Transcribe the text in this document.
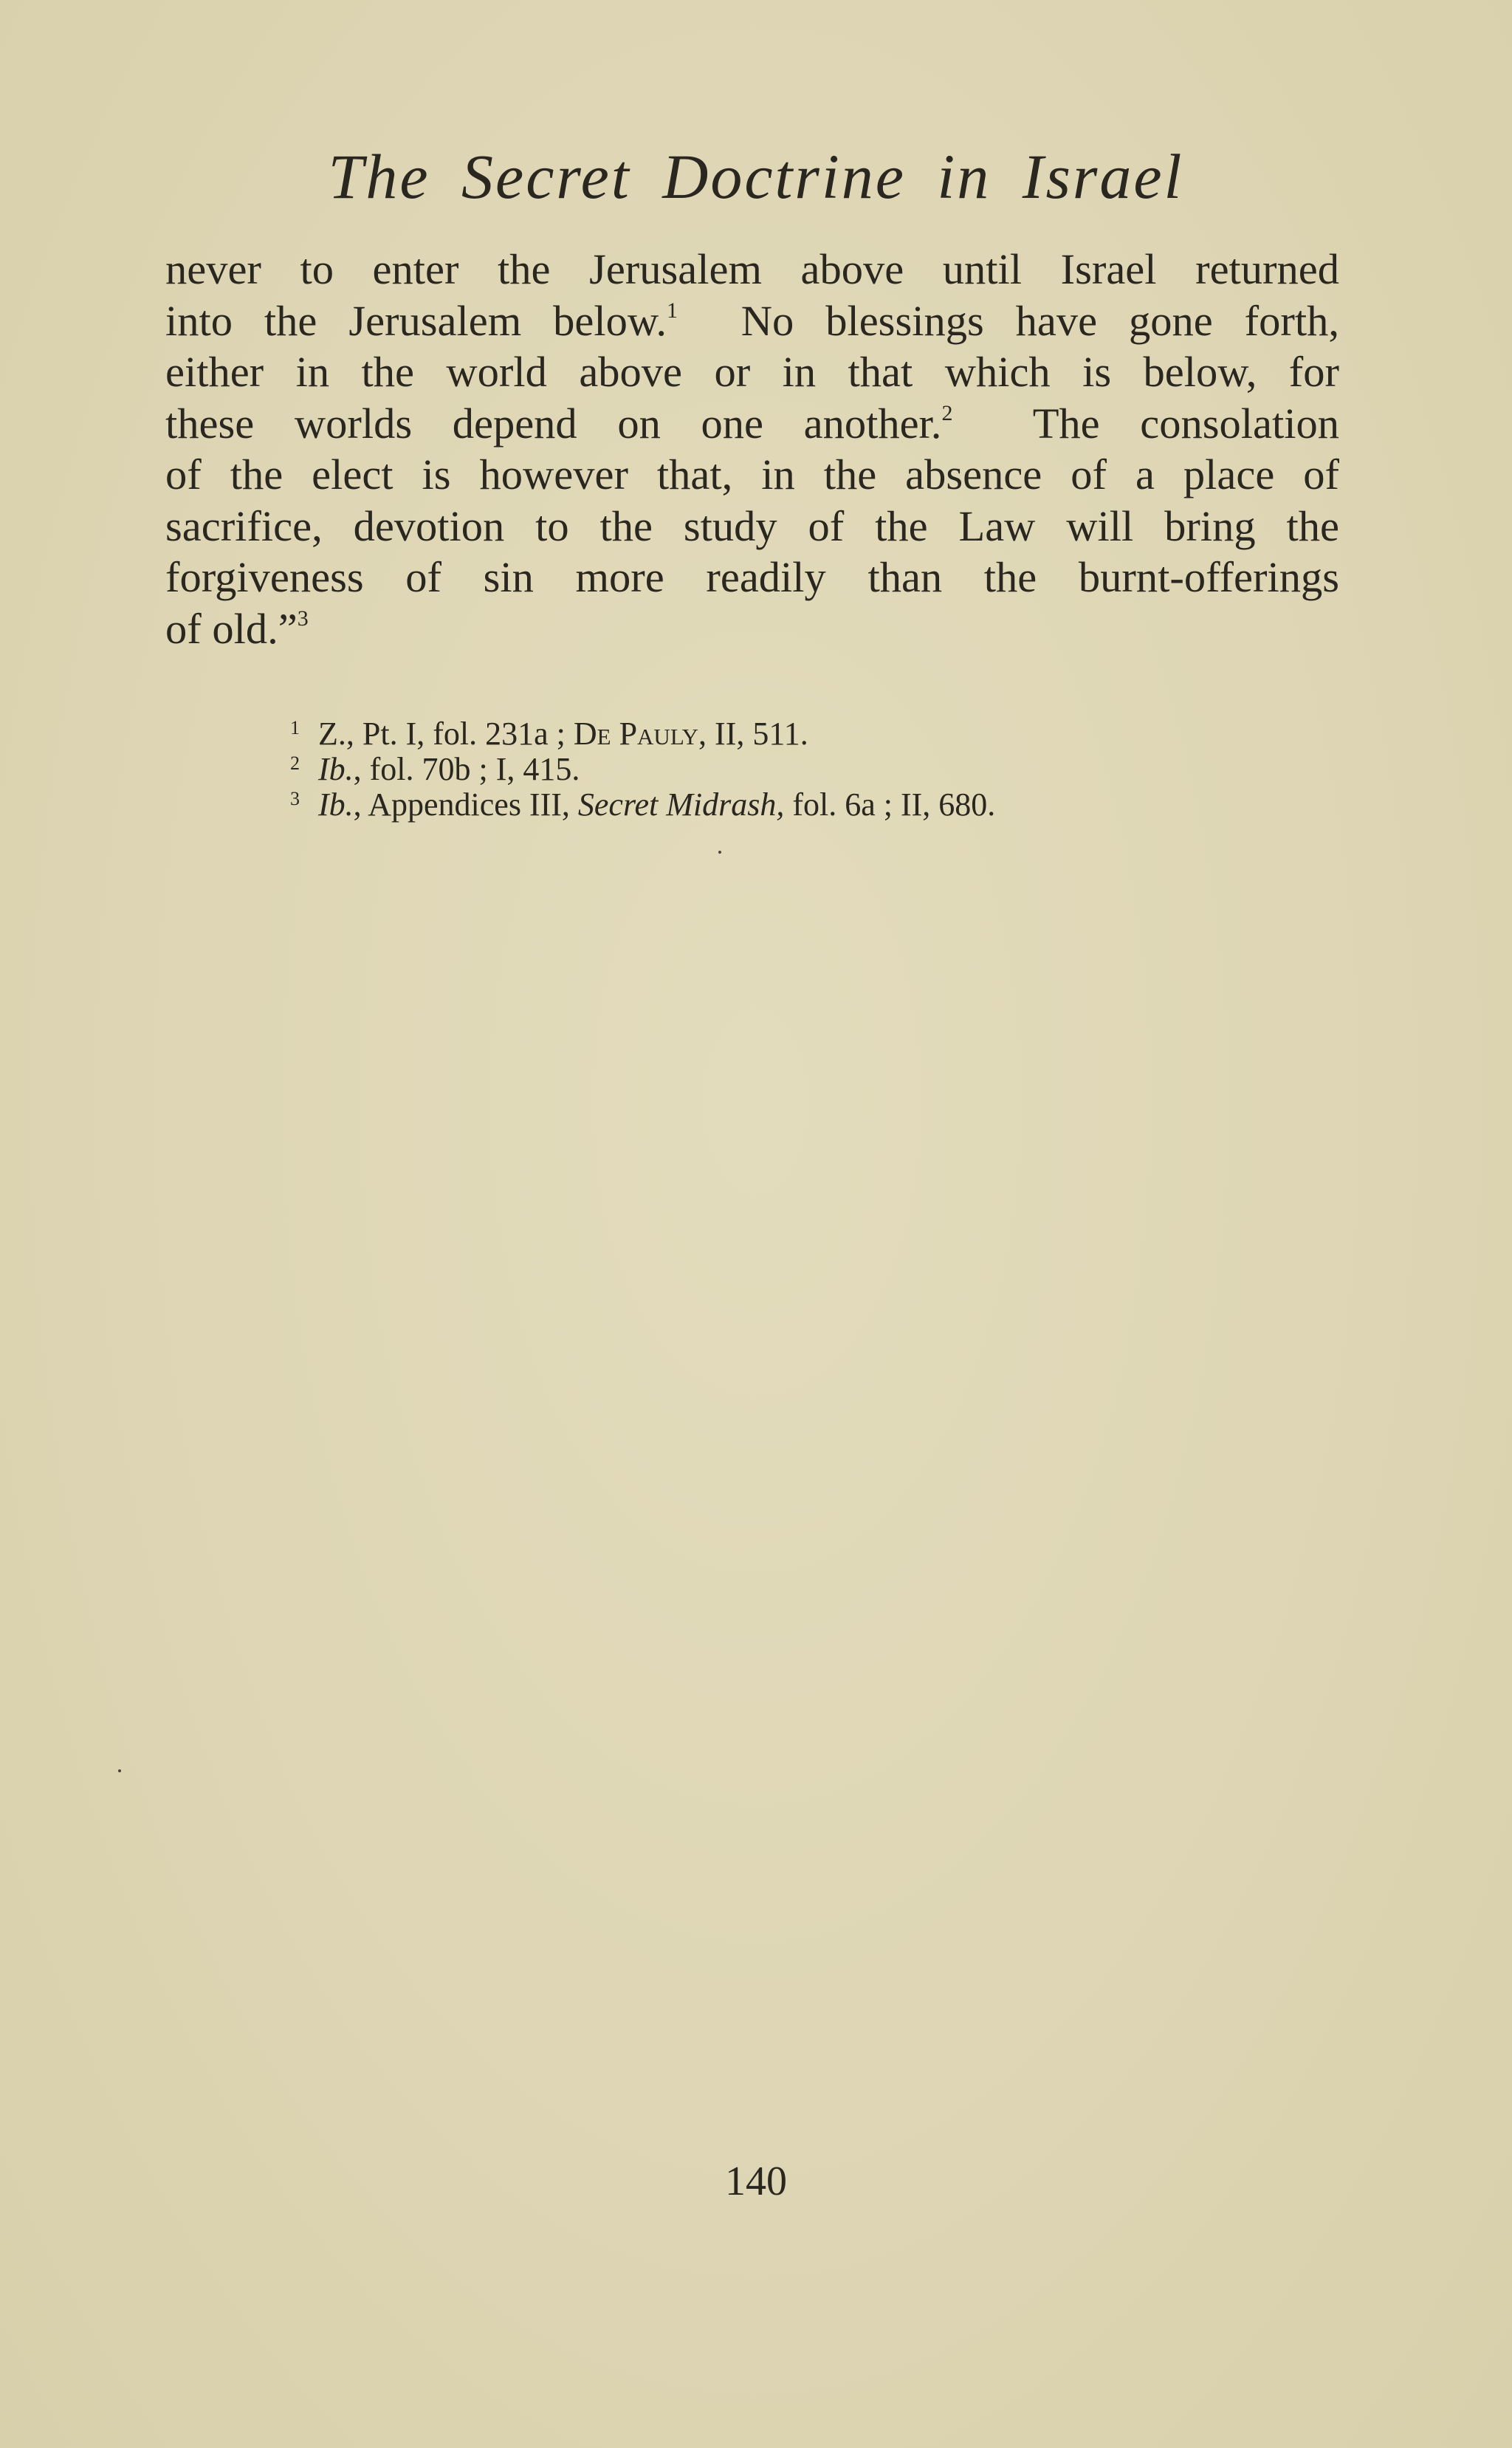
The Secret Doctrine in Israel
never to enter the Jerusalem above until Israel returned
into the Jerusalem below.$^1$ No blessings have gone forth,
either in the world above or in that which is below, for
these worlds depend on one another.$^2$ The consolation
of the elect is however that, in the absence of a place of
sacrifice, devotion to the study of the Law will bring the
forgiveness of sin more readily than the burnt-offerings
of old.”$^3$
1 Z., Pt. I, fol. 231a ; De Pauly, II, 511.
2 Ib., fol. 70b ; I, 415.
3 Ib., Appendices III, Secret Midrash, fol. 6a ; II, 680.
140
